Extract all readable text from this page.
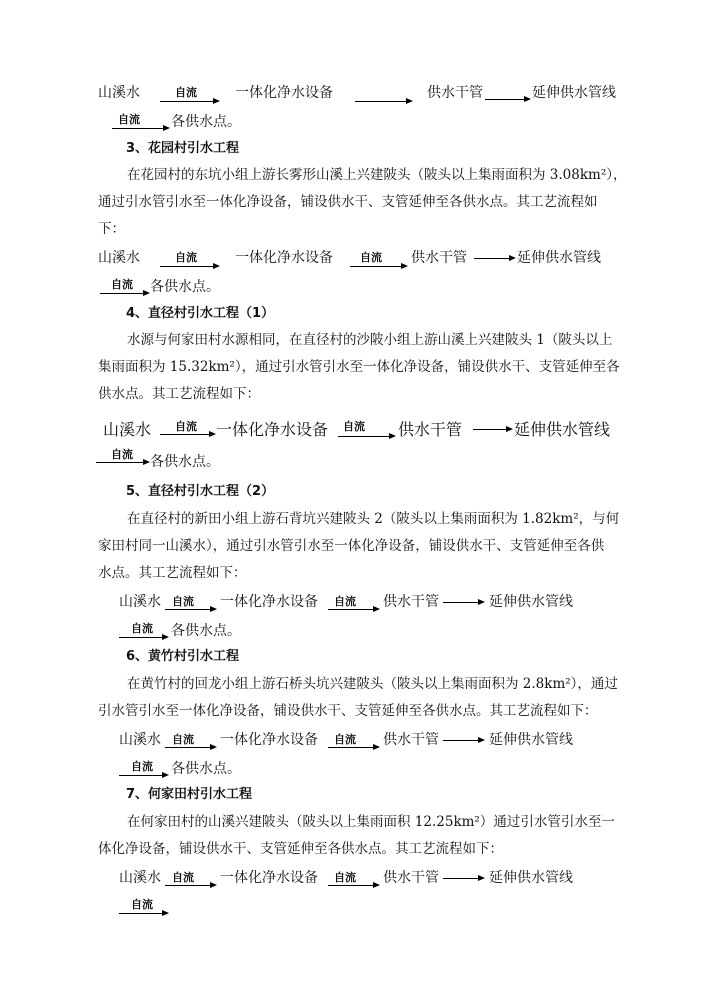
山溪水	自流	一体化净水设备	供水干管	延伸供水管线
自流 各供水点。
3、花园村引水工程
在花园村的东坑小组上游长雾形山溪上兴建陂头（陂头以上集雨面积为 3.08km²），
通过引水管引水至一体化净设备，铺设供水干、支管延伸至各供水点。其工艺流程如
下：
山溪水	自流	一体化净水设备 自流 供水干管	延伸供水管线
自流 各供水点。
4、直径村引水工程（1）
水源与何家田村水源相同，在直径村的沙陂小组上游山溪上兴建陂头 1（陂头以上
集雨面积为 15.32km²），通过引水管引水至一体化净设备，铺设供水干、支管延伸至各
供水点。其工艺流程如下：
山溪水 自流 一体化净水设备 自流 供水干管	延伸供水管线
自流 各供水点。
5、直径村引水工程（2）
在直径村的新田小组上游石背坑兴建陂头 2（陂头以上集雨面积为 1.82km²，与何
家田村同一山溪水），通过引水管引水至一体化净设备，铺设供水干、支管延伸至各供
水点。其工艺流程如下：
山溪水 自流 一体化净水设备 自流 供水干管	延伸供水管线
自流 各供水点。
6、黄竹村引水工程
在黄竹村的回龙小组上游石桥头坑兴建陂头（陂头以上集雨面积为 2.8km²），通过
引水管引水至一体化净设备，铺设供水干、支管延伸至各供水点。其工艺流程如下：
山溪水 自流 一体化净水设备 自流 供水干管	延伸供水管线
自流 各供水点。
7、何家田村引水工程
在何家田村的山溪兴建陂头（陂头以上集雨面积 12.25km²）通过引水管引水至一
体化净设备，铺设供水干、支管延伸至各供水点。其工艺流程如下：
山溪水 自流 一体化净水设备 自流 供水干管	延伸供水管线
自流
